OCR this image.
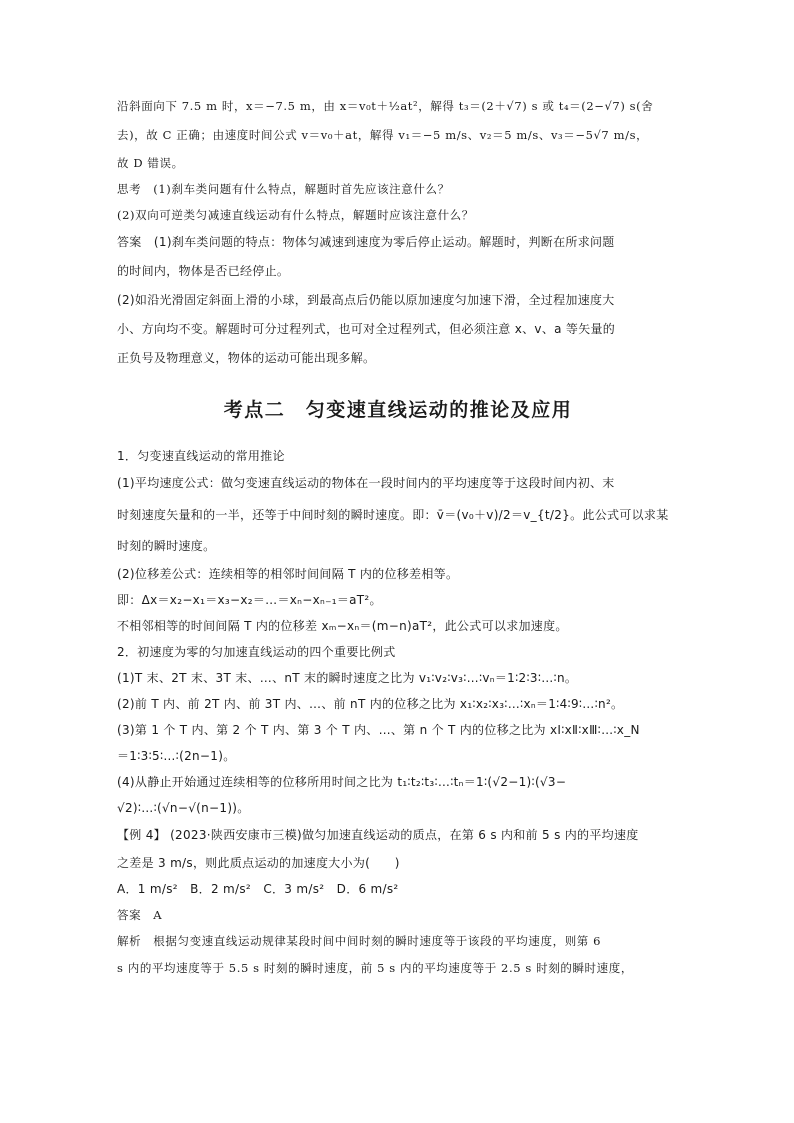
沿斜面向下 7.5 m 时，x＝−7.5 m，由 x＝v₀t＋½at²，解得 t₃＝(2＋√7) s 或 t₄＝(2−√7) s(舍
去)，故 C 正确；由速度时间公式 v＝v₀＋at，解得 v₁＝−5 m/s、v₂＝5 m/s、v₃＝−5√7 m/s，
故 D 错误。
思考　(1)刹车类问题有什么特点，解题时首先应该注意什么？
(2)双向可逆类匀减速直线运动有什么特点，解题时应该注意什么？
答案　(1)刹车类问题的特点：物体匀减速到速度为零后停止运动。解题时，判断在所求问题
的时间内，物体是否已经停止。
(2)如沿光滑固定斜面上滑的小球，到最高点后仍能以原加速度匀加速下滑，全过程加速度大
小、方向均不变。解题时可分过程列式，也可对全过程列式，但必须注意 x、v、a 等矢量的
正负号及物理意义，物体的运动可能出现多解。
考点二　匀变速直线运动的推论及应用
1．匀变速直线运动的常用推论
(1)平均速度公式：做匀变速直线运动的物体在一段时间内的平均速度等于这段时间内初、末
时刻速度矢量和的一半，还等于中间时刻的瞬时速度。即：v̄＝(v₀＋v)/2＝v_{t/2}。此公式可以求某
时刻的瞬时速度。
(2)位移差公式：连续相等的相邻时间间隔 T 内的位移差相等。
即：Δx＝x₂−x₁＝x₃−x₂＝…＝xₙ−xₙ₋₁＝aT²。
不相邻相等的时间间隔 T 内的位移差 xₘ−xₙ＝(m−n)aT²，此公式可以求加速度。
2．初速度为零的匀加速直线运动的四个重要比例式
(1)T 末、2T 末、3T 末、…、nT 末的瞬时速度之比为 v₁∶v₂∶v₃∶…∶vₙ＝1∶2∶3∶…∶n。
(2)前 T 内、前 2T 内、前 3T 内、…、前 nT 内的位移之比为 x₁∶x₂∶x₃∶…∶xₙ＝1∶4∶9∶…∶n²。
(3)第 1 个 T 内、第 2 个 T 内、第 3 个 T 内、…、第 n 个 T 内的位移之比为 xⅠ∶xⅡ∶xⅢ∶…∶x_N
＝1∶3∶5∶…∶(2n−1)。
(4)从静止开始通过连续相等的位移所用时间之比为 t₁∶t₂∶t₃∶…∶tₙ＝1∶(√2−1)∶(√3−
√2)∶…∶(√n−√(n−1))。
【例 4】 (2023·陕西安康市三模)做匀加速直线运动的质点，在第 6 s 内和前 5 s 内的平均速度
之差是 3 m/s，则此质点运动的加速度大小为(　　)
A．1 m/s²　B．2 m/s²　C．3 m/s²　D．6 m/s²
答案　A
解析　根据匀变速直线运动规律某段时间中间时刻的瞬时速度等于该段的平均速度，则第 6
s 内的平均速度等于 5.5 s 时刻的瞬时速度，前 5 s 内的平均速度等于 2.5 s 时刻的瞬时速度，
